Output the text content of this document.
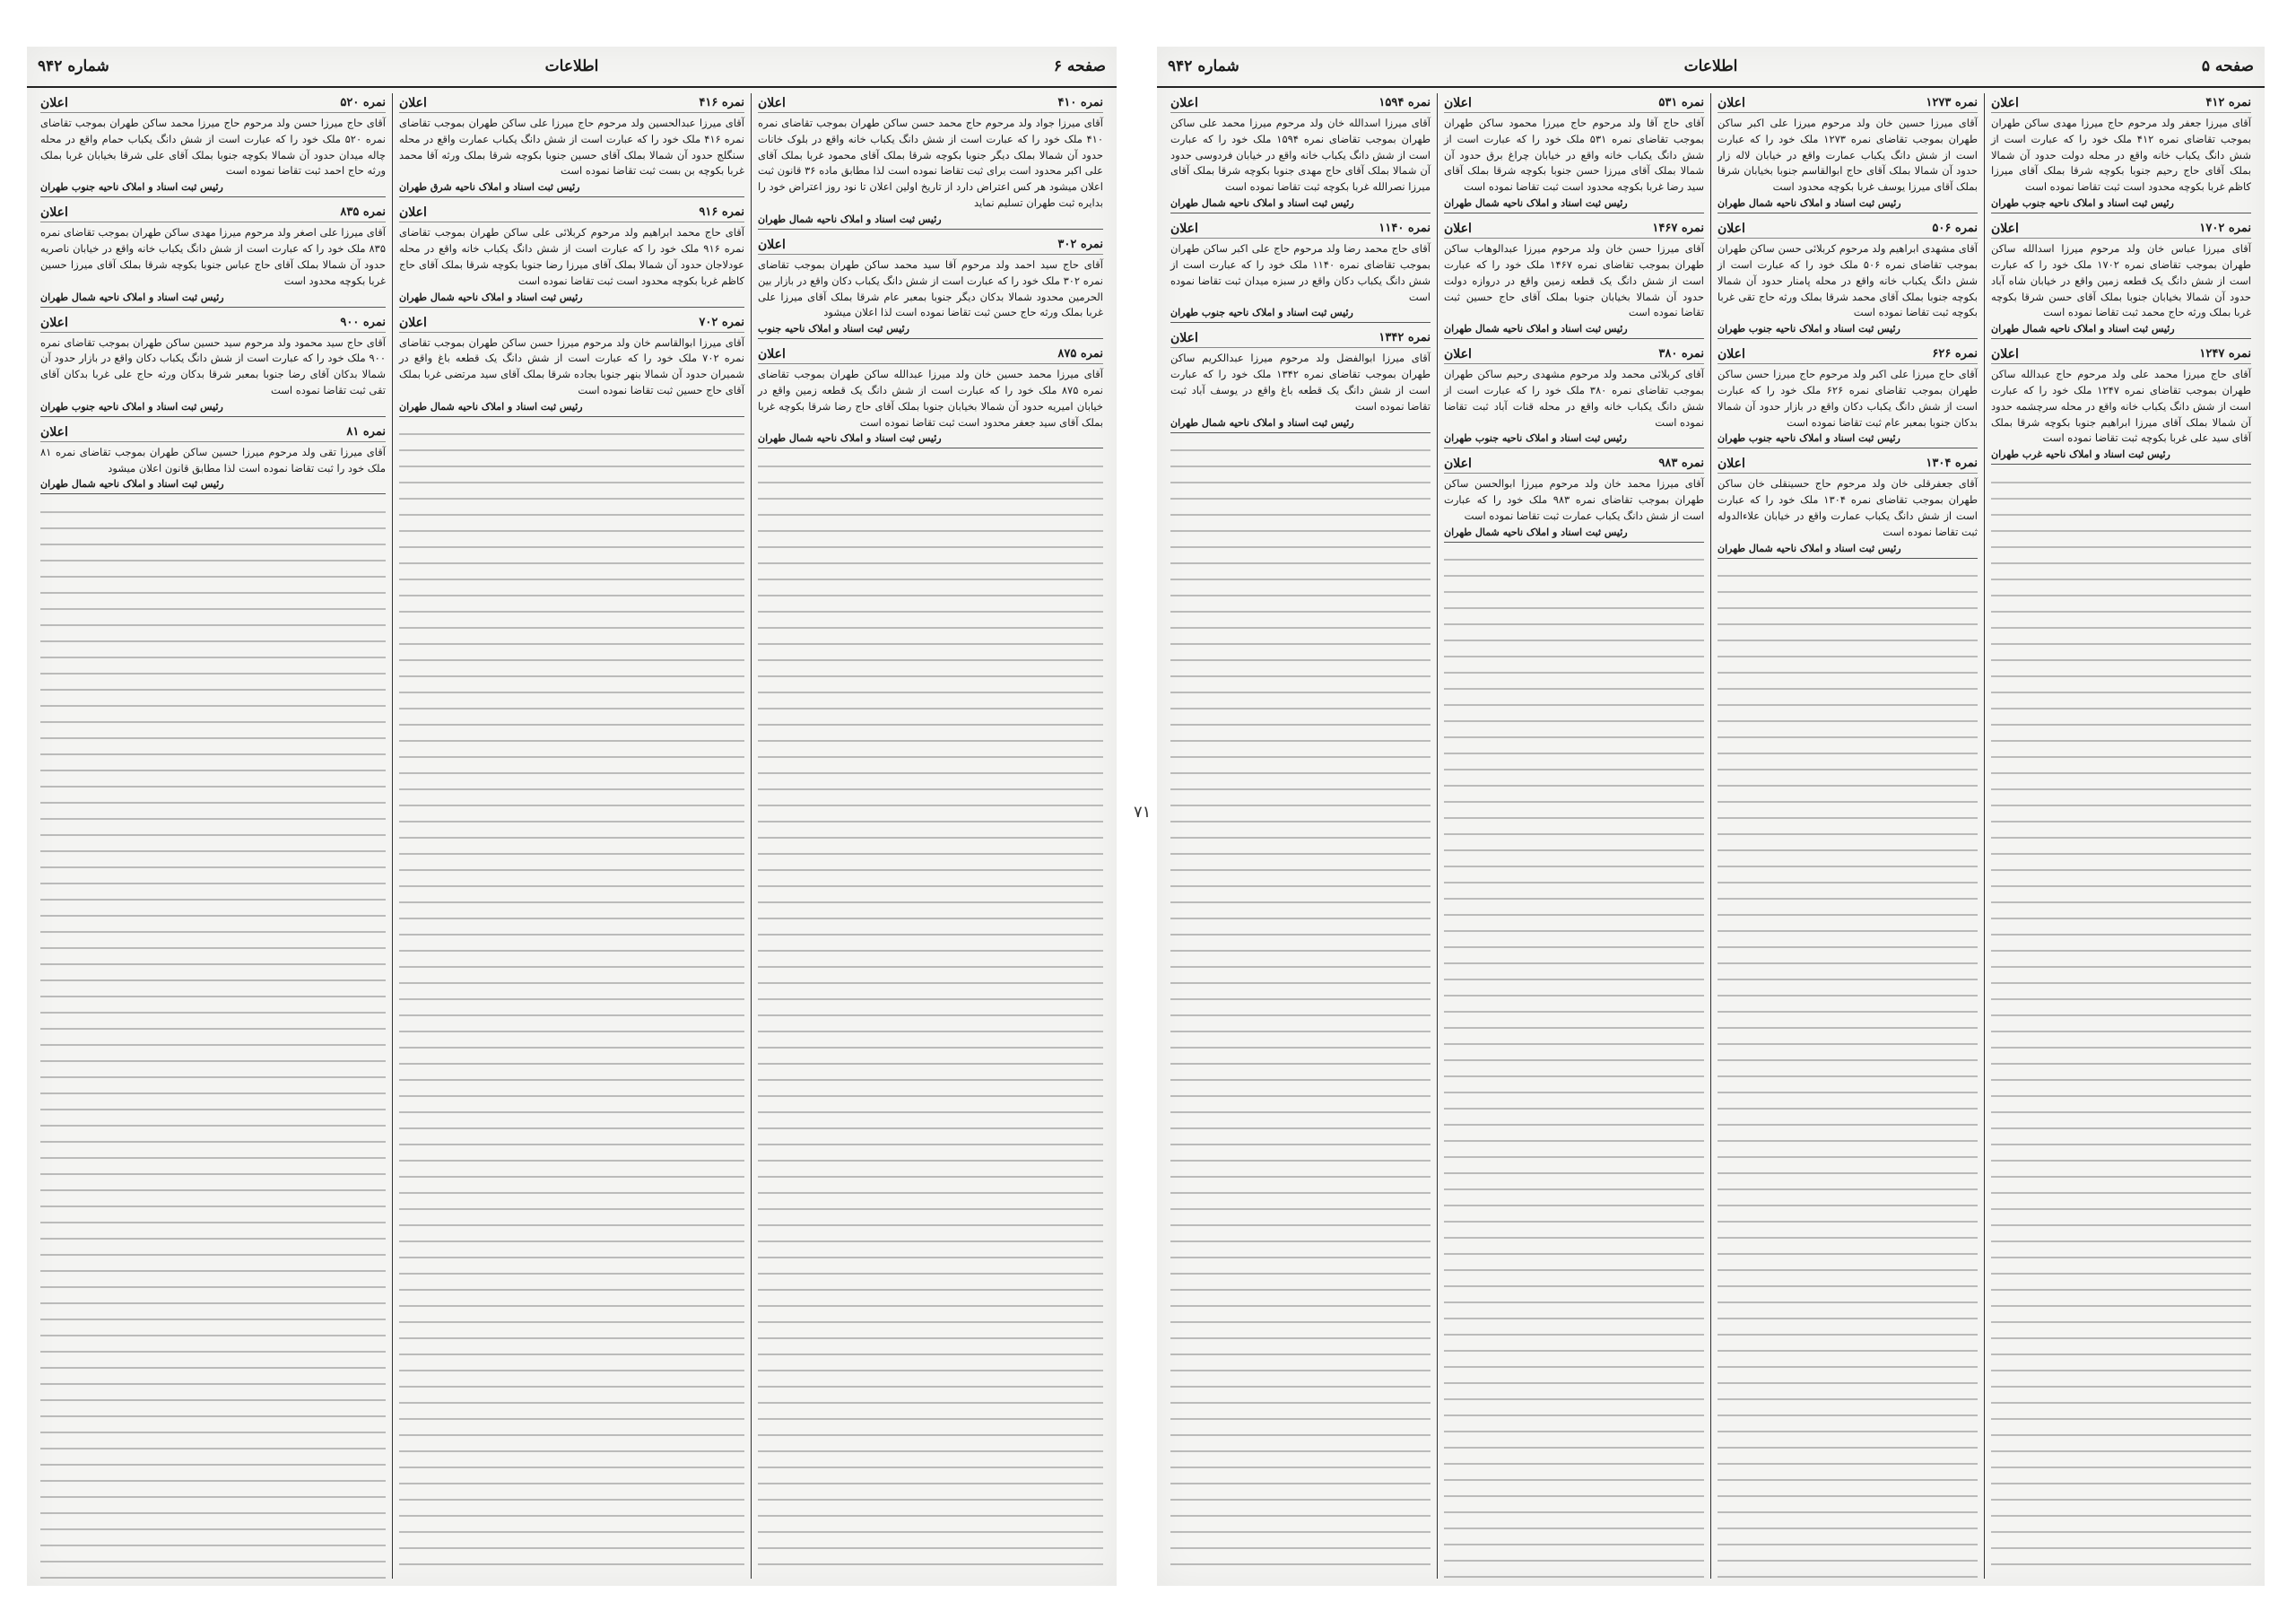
صفحه ۶
اطلاعات
شماره ۹۴۲
نمره ۴۱۰
اعلان
آقای میرزا جواد ولد مرحوم حاج محمد حسن ساکن طهران بموجب تقاضای نمره ۴۱۰ ملک خود را که عبارت است از شش دانگ یکباب خانه واقع در بلوک خانات حدود آن شمالا بملک دیگر جنوبا بکوچه شرقا بملک آقای محمود غربا بملک آقای علی اکبر محدود است برای ثبت تقاضا نموده است لذا مطابق ماده ۳۶ قانون ثبت اعلان میشود هر کس اعتراض دارد از تاریخ اولین اعلان تا نود روز اعتراض خود را بدایره ثبت طهران تسلیم نماید
رئیس ثبت اسناد و املاک ناحیه شمال طهران
نمره ۳۰۲
اعلان
آقای حاج سید احمد ولد مرحوم آقا سید محمد ساکن طهران بموجب تقاضای نمره ۳۰۲ ملک خود را که عبارت است از شش دانگ یکباب دکان واقع در بازار بین الحرمین محدود شمالا بدکان دیگر جنوبا بمعبر عام شرقا بملک آقای میرزا علی غربا بملک ورثه حاج حسن ثبت تقاضا نموده است لذا اعلان میشود
رئیس ثبت اسناد و املاک ناحیه جنوب
نمره ۸۷۵
اعلان
آقای میرزا محمد حسین خان ولد میرزا عبدالله ساکن طهران بموجب تقاضای نمره ۸۷۵ ملک خود را که عبارت است از شش دانگ یک قطعه زمین واقع در خیابان امیریه حدود آن شمالا بخیابان جنوبا بملک آقای حاج رضا شرقا بکوچه غربا بملک آقای سید جعفر محدود است ثبت تقاضا نموده است
رئیس ثبت اسناد و املاک ناحیه شمال طهران
نمره ۴۱۶
اعلان
آقای میرزا عبدالحسین ولد مرحوم حاج میرزا علی ساکن طهران بموجب تقاضای نمره ۴۱۶ ملک خود را که عبارت است از شش دانگ یکباب عمارت واقع در محله سنگلج حدود آن شمالا بملک آقای حسین جنوبا بکوچه شرقا بملک ورثه آقا محمد غربا بکوچه بن بست ثبت تقاضا نموده است
رئیس ثبت اسناد و املاک ناحیه شرق طهران
نمره ۹۱۶
اعلان
آقای حاج محمد ابراهیم ولد مرحوم کربلائی علی ساکن طهران بموجب تقاضای نمره ۹۱۶ ملک خود را که عبارت است از شش دانگ یکباب خانه واقع در محله عودلاجان حدود آن شمالا بملک آقای میرزا رضا جنوبا بکوچه شرقا بملک آقای حاج کاظم غربا بکوچه محدود است ثبت تقاضا نموده است
رئیس ثبت اسناد و املاک ناحیه شمال طهران
نمره ۷۰۲
اعلان
آقای میرزا ابوالقاسم خان ولد مرحوم میرزا حسن ساکن طهران بموجب تقاضای نمره ۷۰۲ ملک خود را که عبارت است از شش دانگ یک قطعه باغ واقع در شمیران حدود آن شمالا بنهر جنوبا بجاده شرقا بملک آقای سید مرتضی غربا بملک آقای حاج حسین ثبت تقاضا نموده است
رئیس ثبت اسناد و املاک ناحیه شمال طهران
نمره ۵۲۰
اعلان
آقای حاج میرزا حسن ولد مرحوم حاج میرزا محمد ساکن طهران بموجب تقاضای نمره ۵۲۰ ملک خود را که عبارت است از شش دانگ یکباب حمام واقع در محله چاله میدان حدود آن شمالا بکوچه جنوبا بملک آقای علی شرقا بخیابان غربا بملک ورثه حاج احمد ثبت تقاضا نموده است
رئیس ثبت اسناد و املاک ناحیه جنوب طهران
نمره ۸۳۵
اعلان
آقای میرزا علی اصغر ولد مرحوم میرزا مهدی ساکن طهران بموجب تقاضای نمره ۸۳۵ ملک خود را که عبارت است از شش دانگ یکباب خانه واقع در خیابان ناصریه حدود آن شمالا بملک آقای حاج عباس جنوبا بکوچه شرقا بملک آقای میرزا حسین غربا بکوچه محدود است
رئیس ثبت اسناد و املاک ناحیه شمال طهران
نمره ۹۰۰
اعلان
آقای حاج سید محمود ولد مرحوم سید حسین ساکن طهران بموجب تقاضای نمره ۹۰۰ ملک خود را که عبارت است از شش دانگ یکباب دکان واقع در بازار حدود آن شمالا بدکان آقای رضا جنوبا بمعبر شرقا بدکان ورثه حاج علی غربا بدکان آقای تقی ثبت تقاضا نموده است
رئیس ثبت اسناد و املاک ناحیه جنوب طهران
نمره ۸۱
اعلان
آقای میرزا تقی ولد مرحوم میرزا حسین ساکن طهران بموجب تقاضای نمره ۸۱ ملک خود را ثبت تقاضا نموده است لذا مطابق قانون اعلان میشود
رئیس ثبت اسناد و املاک ناحیه شمال طهران
۷۱
صفحه ۵
اطلاعات
شماره ۹۴۲
نمره ۴۱۲
اعلان
آقای میرزا جعفر ولد مرحوم حاج میرزا مهدی ساکن طهران بموجب تقاضای نمره ۴۱۲ ملک خود را که عبارت است از شش دانگ یکباب خانه واقع در محله دولت حدود آن شمالا بملک آقای حاج رحیم جنوبا بکوچه شرقا بملک آقای میرزا کاظم غربا بکوچه محدود است ثبت تقاضا نموده است
رئیس ثبت اسناد و املاک ناحیه جنوب طهران
نمره ۱۷۰۲
اعلان
آقای میرزا عباس خان ولد مرحوم میرزا اسدالله ساکن طهران بموجب تقاضای نمره ۱۷۰۲ ملک خود را که عبارت است از شش دانگ یک قطعه زمین واقع در خیابان شاه آباد حدود آن شمالا بخیابان جنوبا بملک آقای حسن شرقا بکوچه غربا بملک ورثه حاج محمد ثبت تقاضا نموده است
رئیس ثبت اسناد و املاک ناحیه شمال طهران
نمره ۱۲۴۷
اعلان
آقای حاج میرزا محمد علی ولد مرحوم حاج عبدالله ساکن طهران بموجب تقاضای نمره ۱۲۴۷ ملک خود را که عبارت است از شش دانگ یکباب خانه واقع در محله سرچشمه حدود آن شمالا بملک آقای میرزا ابراهیم جنوبا بکوچه شرقا بملک آقای سید علی غربا بکوچه ثبت تقاضا نموده است
رئیس ثبت اسناد و املاک ناحیه غرب طهران
نمره ۱۲۷۳
اعلان
آقای میرزا حسین خان ولد مرحوم میرزا علی اکبر ساکن طهران بموجب تقاضای نمره ۱۲۷۳ ملک خود را که عبارت است از شش دانگ یکباب عمارت واقع در خیابان لاله زار حدود آن شمالا بملک آقای حاج ابوالقاسم جنوبا بخیابان شرقا بملک آقای میرزا یوسف غربا بکوچه محدود است
رئیس ثبت اسناد و املاک ناحیه شمال طهران
نمره ۵۰۶
اعلان
آقای مشهدی ابراهیم ولد مرحوم کربلائی حسن ساکن طهران بموجب تقاضای نمره ۵۰۶ ملک خود را که عبارت است از شش دانگ یکباب خانه واقع در محله پامنار حدود آن شمالا بکوچه جنوبا بملک آقای محمد شرقا بملک ورثه حاج تقی غربا بکوچه ثبت تقاضا نموده است
رئیس ثبت اسناد و املاک ناحیه جنوب طهران
نمره ۶۲۶
اعلان
آقای حاج میرزا علی اکبر ولد مرحوم حاج میرزا حسن ساکن طهران بموجب تقاضای نمره ۶۲۶ ملک خود را که عبارت است از شش دانگ یکباب دکان واقع در بازار حدود آن شمالا بدکان جنوبا بمعبر عام ثبت تقاضا نموده است
رئیس ثبت اسناد و املاک ناحیه جنوب طهران
نمره ۱۳۰۴
اعلان
آقای جعفرقلی خان ولد مرحوم حاج حسینقلی خان ساکن طهران بموجب تقاضای نمره ۱۳۰۴ ملک خود را که عبارت است از شش دانگ یکباب عمارت واقع در خیابان علاءالدوله ثبت تقاضا نموده است
رئیس ثبت اسناد و املاک ناحیه شمال طهران
نمره ۵۳۱
اعلان
آقای حاج آقا ولد مرحوم حاج میرزا محمود ساکن طهران بموجب تقاضای نمره ۵۳۱ ملک خود را که عبارت است از شش دانگ یکباب خانه واقع در خیابان چراغ برق حدود آن شمالا بملک آقای میرزا حسن جنوبا بکوچه شرقا بملک آقای سید رضا غربا بکوچه محدود است ثبت تقاضا نموده است
رئیس ثبت اسناد و املاک ناحیه شمال طهران
نمره ۱۴۶۷
اعلان
آقای میرزا حسن خان ولد مرحوم میرزا عبدالوهاب ساکن طهران بموجب تقاضای نمره ۱۴۶۷ ملک خود را که عبارت است از شش دانگ یک قطعه زمین واقع در دروازه دولت حدود آن شمالا بخیابان جنوبا بملک آقای حاج حسین ثبت تقاضا نموده است
رئیس ثبت اسناد و املاک ناحیه شمال طهران
نمره ۳۸۰
اعلان
آقای کربلائی محمد ولد مرحوم مشهدی رحیم ساکن طهران بموجب تقاضای نمره ۳۸۰ ملک خود را که عبارت است از شش دانگ یکباب خانه واقع در محله قنات آباد ثبت تقاضا نموده است
رئیس ثبت اسناد و املاک ناحیه جنوب طهران
نمره ۹۸۳
اعلان
آقای میرزا محمد خان ولد مرحوم میرزا ابوالحسن ساکن طهران بموجب تقاضای نمره ۹۸۳ ملک خود را که عبارت است از شش دانگ یکباب عمارت ثبت تقاضا نموده است
رئیس ثبت اسناد و املاک ناحیه شمال طهران
نمره ۱۵۹۴
اعلان
آقای میرزا اسدالله خان ولد مرحوم میرزا محمد علی ساکن طهران بموجب تقاضای نمره ۱۵۹۴ ملک خود را که عبارت است از شش دانگ یکباب خانه واقع در خیابان فردوسی حدود آن شمالا بملک آقای حاج مهدی جنوبا بکوچه شرقا بملک آقای میرزا نصرالله غربا بکوچه ثبت تقاضا نموده است
رئیس ثبت اسناد و املاک ناحیه شمال طهران
نمره ۱۱۴۰
اعلان
آقای حاج محمد رضا ولد مرحوم حاج علی اکبر ساکن طهران بموجب تقاضای نمره ۱۱۴۰ ملک خود را که عبارت است از شش دانگ یکباب دکان واقع در سبزه میدان ثبت تقاضا نموده است
رئیس ثبت اسناد و املاک ناحیه جنوب طهران
نمره ۱۳۴۲
اعلان
آقای میرزا ابوالفضل ولد مرحوم میرزا عبدالکریم ساکن طهران بموجب تقاضای نمره ۱۳۴۲ ملک خود را که عبارت است از شش دانگ یک قطعه باغ واقع در یوسف آباد ثبت تقاضا نموده است
رئیس ثبت اسناد و املاک ناحیه شمال طهران
